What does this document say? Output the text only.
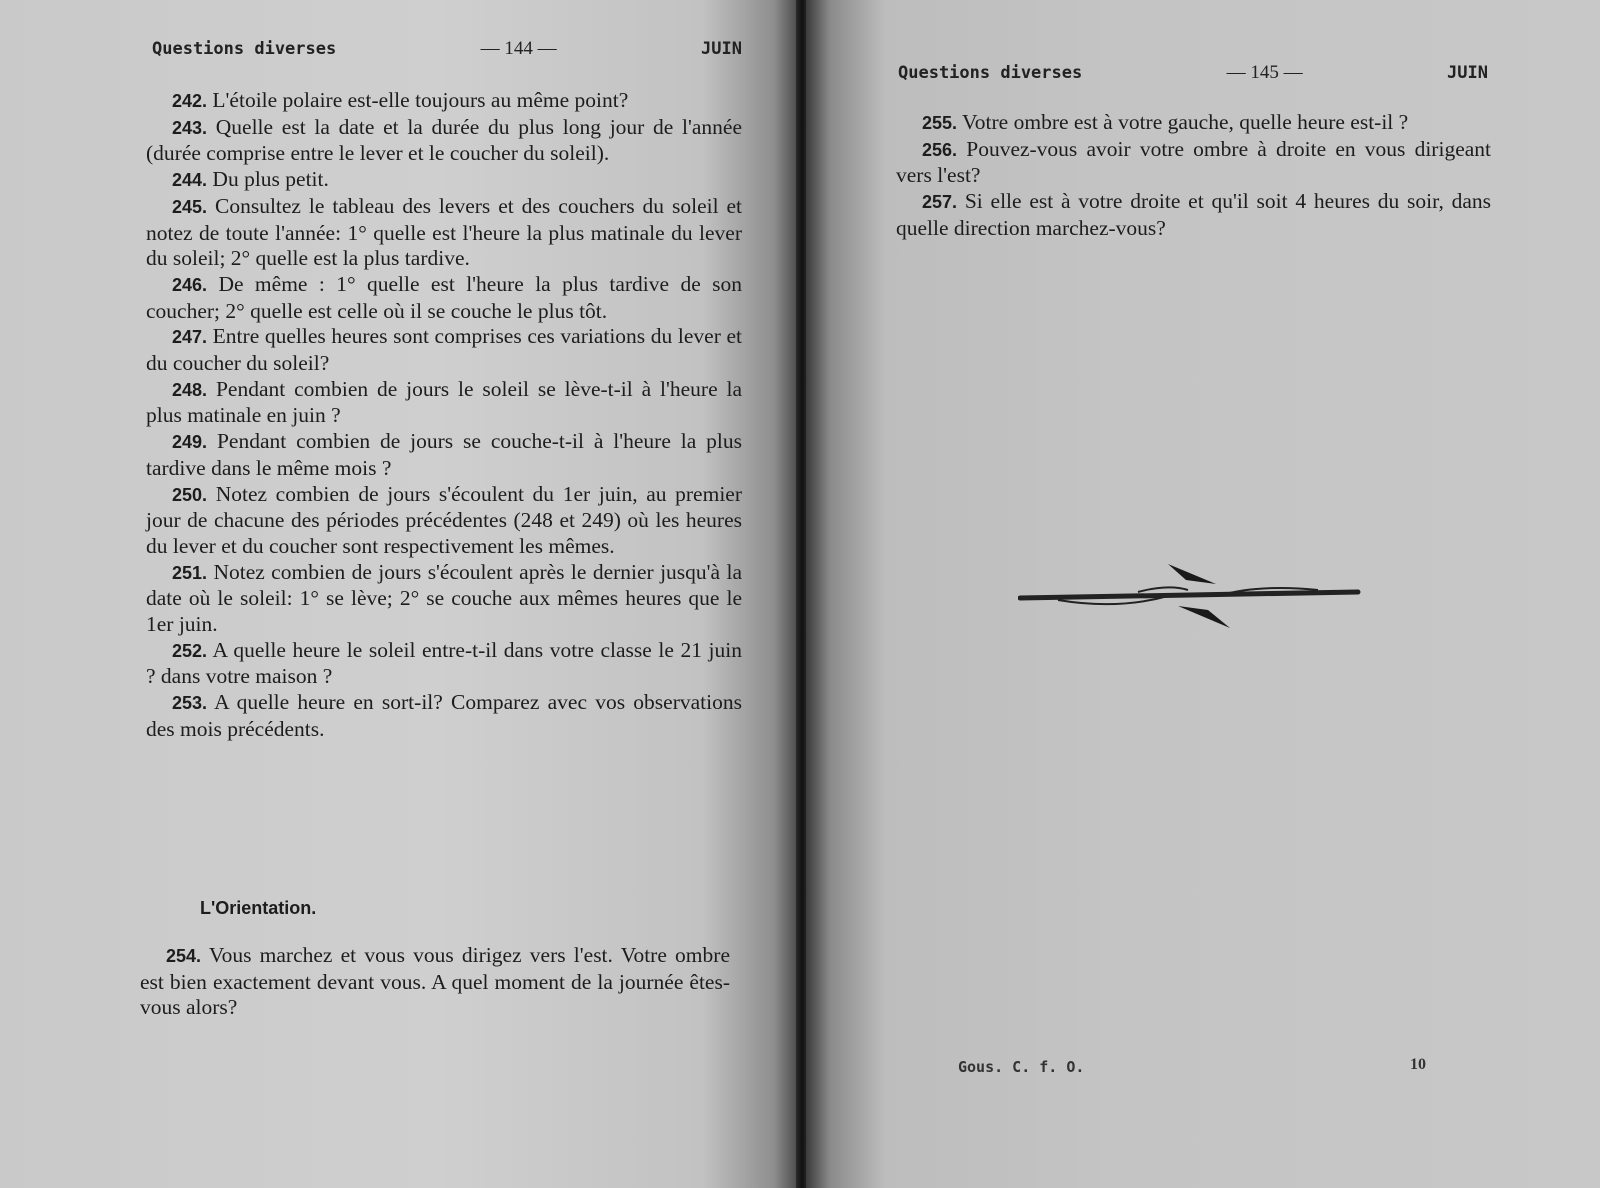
Questions diverses	— 144 —	JUIN

242. L'étoile polaire est-elle toujours au même point?

243. Quelle est la date et la durée du plus long jour de l'année (durée comprise entre le lever et le coucher du soleil).

244. Du plus petit.

245. Consultez le tableau des levers et des couchers du soleil et notez de toute l'année: 1° quelle est l'heure la plus matinale du lever du soleil; 2° quelle est la plus tardive.

246. De même : 1° quelle est l'heure la plus tardive de son coucher; 2° quelle est celle où il se couche le plus tôt.

247. Entre quelles heures sont comprises ces variations du lever et du coucher du soleil?

248. Pendant combien de jours le soleil se lève-t-il à l'heure la plus matinale en juin ?

249. Pendant combien de jours se couche-t-il à l'heure la plus tardive dans le même mois ?

250. Notez combien de jours s'écoulent du 1er juin, au premier jour de chacune des périodes précédentes (248 et 249) où les heures du lever et du coucher sont respectivement les mêmes.

251. Notez combien de jours s'écoulent après le dernier jusqu'à la date où le soleil: 1° se lève; 2° se couche aux mêmes heures que le 1er juin.

252. A quelle heure le soleil entre-t-il dans votre classe le 21 juin ? dans votre maison ?

253. A quelle heure en sort-il? Comparez avec vos observations des mois précédents.

L'Orientation.

254. Vous marchez et vous vous dirigez vers l'est. Votre ombre est bien exactement devant vous. A quel moment de la journée êtes-vous alors?

Questions diverses	— 145 —	JUIN

255. Votre ombre est à votre gauche, quelle heure est-il ?

256. Pouvez-vous avoir votre ombre à droite en vous dirigeant vers l'est?

257. Si elle est à votre droite et qu'il soit 4 heures du soir, dans quelle direction marchez-vous?

Gous. C. f. O.	10
